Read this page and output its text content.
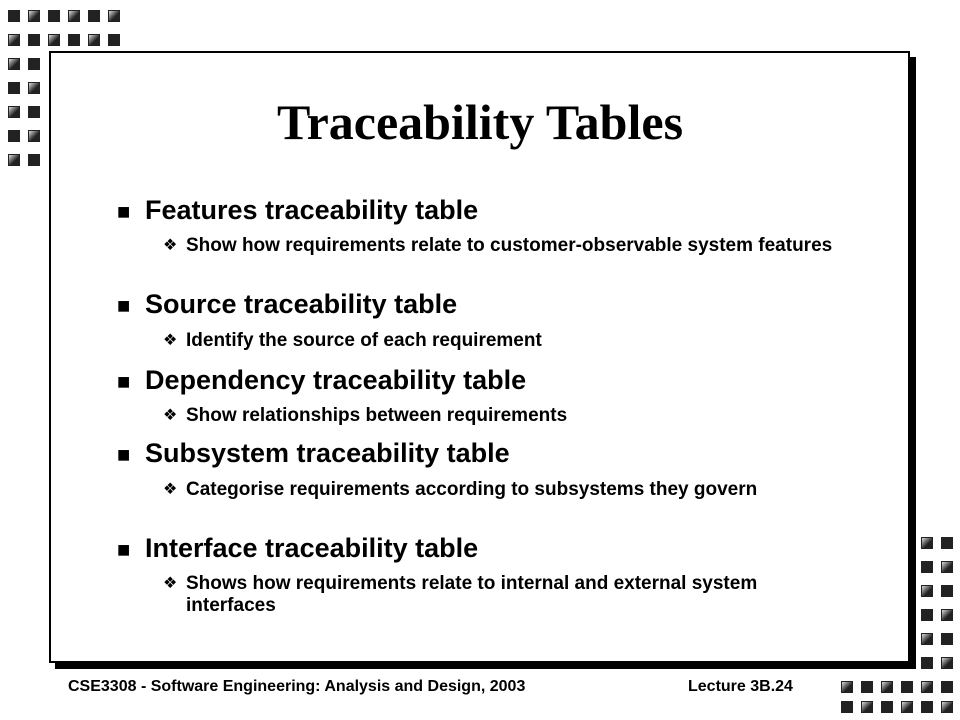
Traceability Tables
■ Features traceability table
❖ Show how requirements relate to customer-observable system features
■ Source traceability table
❖ Identify the source of each requirement
■ Dependency traceability table
❖ Show relationships between requirements
■ Subsystem traceability table
❖ Categorise requirements according to subsystems they govern
■ Interface traceability table
❖ Shows how requirements relate to internal and external system interfaces
CSE3308 - Software Engineering: Analysis and Design, 2003	Lecture 3B.24
